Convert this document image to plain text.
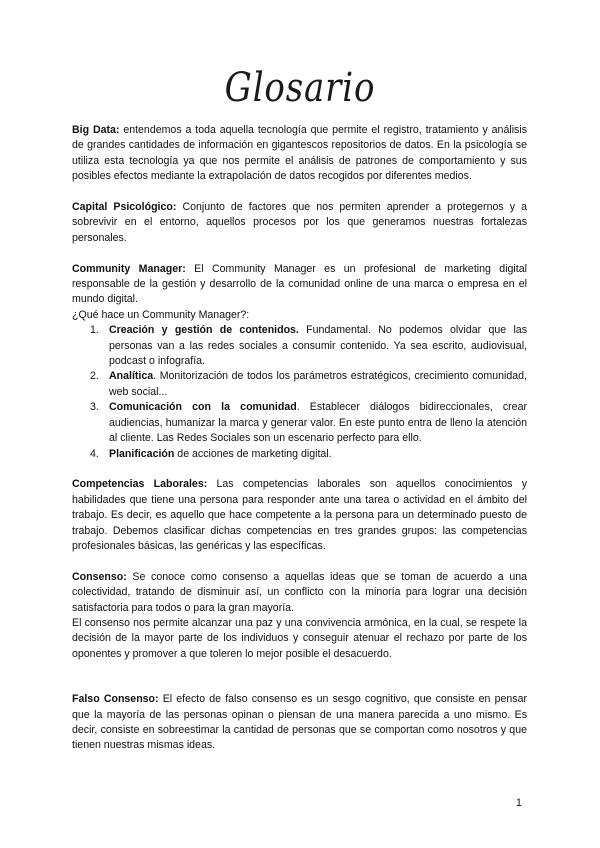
Glosario

Big Data: entendemos a toda aquella tecnología que permite el registro, tratamiento y análisis de grandes cantidades de información en gigantescos repositorios de datos. En la psicología se utiliza esta tecnología ya que nos permite el análisis de patrones de comportamiento y sus posibles efectos mediante la extrapolación de datos recogidos por diferentes medios.

Capital Psicológico: Conjunto de factores que nos permiten aprender a protegernos y a sobrevivir en el entorno, aquellos procesos por los que generamos nuestras fortalezas personales.

Community Manager: El Community Manager es un profesional de marketing digital responsable de la gestión y desarrollo de la comunidad online de una marca o empresa en el mundo digital.

¿Qué hace un Community Manager?:

1. Creación y gestión de contenidos. Fundamental. No podemos olvidar que las personas van a las redes sociales a consumir contenido. Ya sea escrito, audiovisual, podcast o infografía.
2. Analítica. Monitorización de todos los parámetros estratégicos, crecimiento comunidad, web social...
3. Comunicación con la comunidad. Establecer diálogos bidireccionales, crear audiencias, humanizar la marca y generar valor. En este punto entra de lleno la atención al cliente. Las Redes Sociales son un escenario perfecto para ello.
4. Planificación de acciones de marketing digital.

Competencias Laborales: Las competencias laborales son aquellos conocimientos y habilidades que tiene una persona para responder ante una tarea o actividad en el ámbito del trabajo. Es decir, es aquello que hace competente a la persona para un determinado puesto de trabajo. Debemos clasificar dichas competencias en tres grandes grupos: las competencias profesionales básicas, las genéricas y las específicas.

Consenso: Se conoce como consenso a aquellas ideas que se toman de acuerdo a una colectividad, tratando de disminuir así, un conflicto con la minoría para lograr una decisión satisfactoria para todos o para la gran mayoría.

El consenso nos permite alcanzar una paz y una convivencia armónica, en la cual, se respete la decisión de la mayor parte de los individuos y conseguir atenuar el rechazo por parte de los oponentes y promover a que toleren lo mejor posible el desacuerdo.

Falso Consenso: El efecto de falso consenso es un sesgo cognitivo, que consiste en pensar que la mayoría de las personas opinan o piensan de una manera parecida a uno mismo. Es decir, consiste en sobreestimar la cantidad de personas que se comportan como nosotros y que tienen nuestras mismas ideas.

1
